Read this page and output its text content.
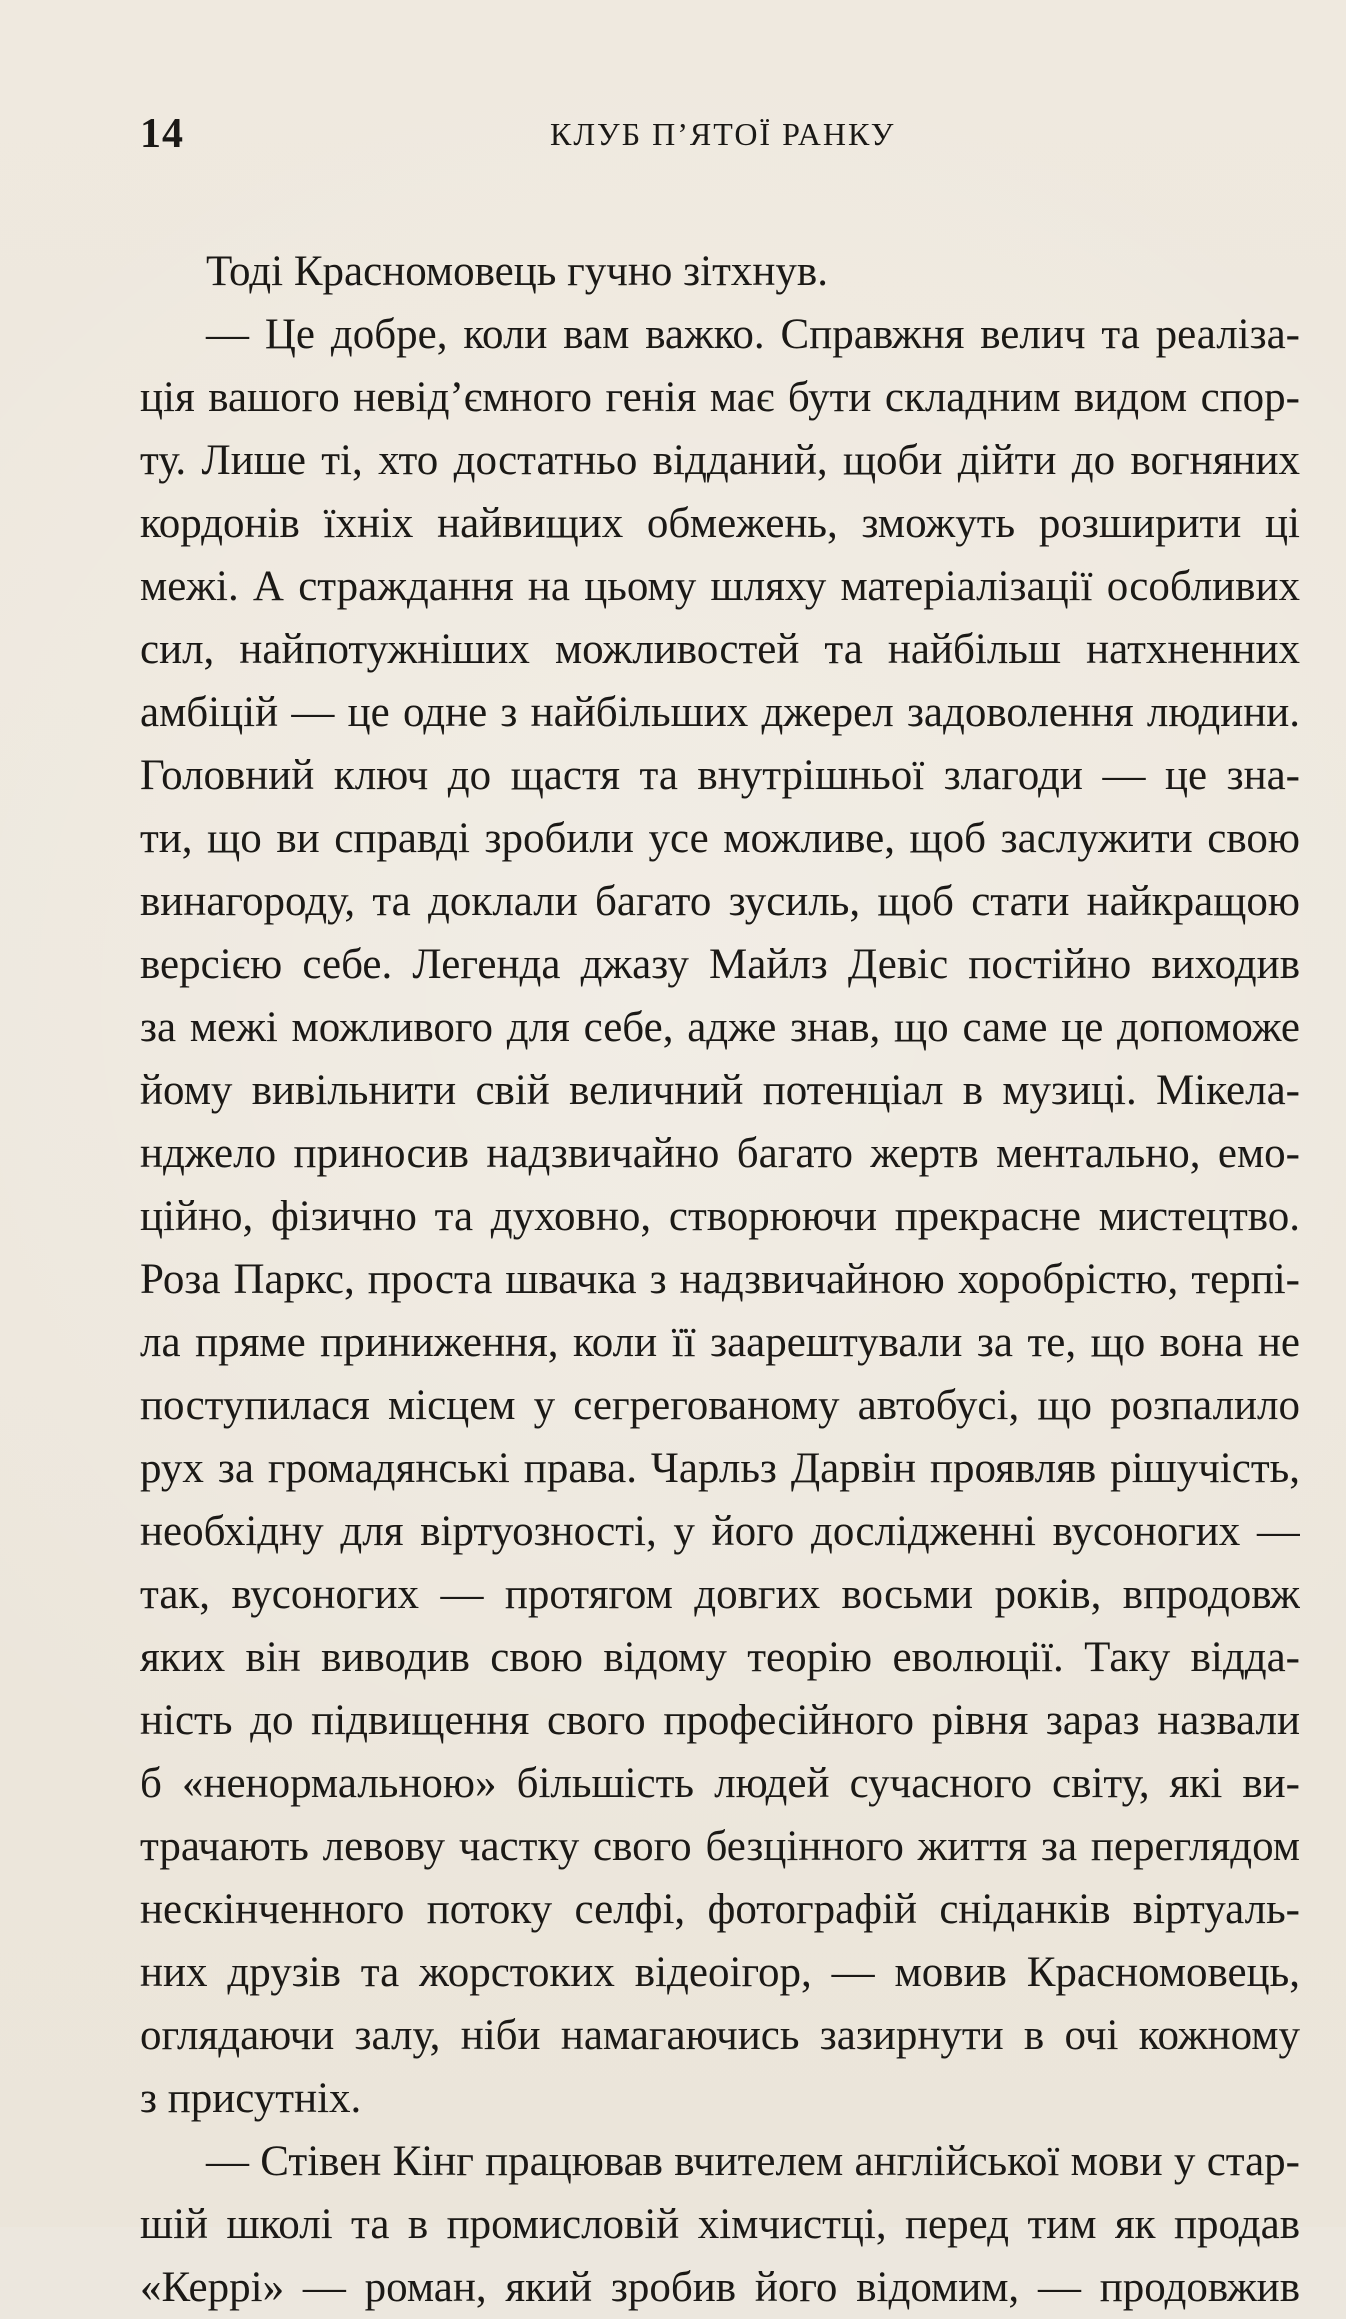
14	КЛУБ П’ЯТОЇ РАНКУ
Тоді Красномовець гучно зітхнув.
— Це добре, коли вам важко. Справжня велич та реаліза-
ція вашого невід’ємного генія має бути складним видом спор-
ту. Лише ті, хто достатньо відданий, щоби дійти до вогняних
кордонів їхніх найвищих обмежень, зможуть розширити ці
межі. А страждання на цьому шляху матеріалізації особливих
сил, найпотужніших можливостей та найбільш натхненних
амбіцій — це одне з найбільших джерел задоволення людини.
Головний ключ до щастя та внутрішньої злагоди — це зна-
ти, що ви справді зробили усе можливе, щоб заслужити свою
винагороду, та доклали багато зусиль, щоб стати найкращою
версією себе. Легенда джазу Майлз Девіс постійно виходив
за межі можливого для себе, адже знав, що саме це допоможе
йому вивільнити свій величний потенціал в музиці. Мікела-
нджело приносив надзвичайно багато жертв ментально, емо-
ційно, фізично та духовно, створюючи прекрасне мистецтво.
Роза Паркс, проста швачка з надзвичайною хоробрістю, терпі-
ла пряме приниження, коли її заарештували за те, що вона не
поступилася місцем у сегрегованому автобусі, що розпалило
рух за громадянські права. Чарльз Дарвін проявляв рішучість,
необхідну для віртуозності, у його дослідженні вусоногих —
так, вусоногих — протягом довгих восьми років, впродовж
яких він виводив свою відому теорію еволюції. Таку відда-
ність до підвищення свого професійного рівня зараз назвали
б «ненормальною» більшість людей сучасного світу, які ви-
трачають левову частку свого безцінного життя за переглядом
нескінченного потоку селфі, фотографій сніданків віртуаль-
них друзів та жорстоких відеоігор, — мовив Красномовець,
оглядаючи залу, ніби намагаючись зазирнути в очі кожному
з присутніх.
— Стівен Кінг працював вчителем англійської мови у стар-
шій школі та в промисловій хімчистці, перед тим як продав
«Керрі» — роман, який зробив його відомим, — продовжив
